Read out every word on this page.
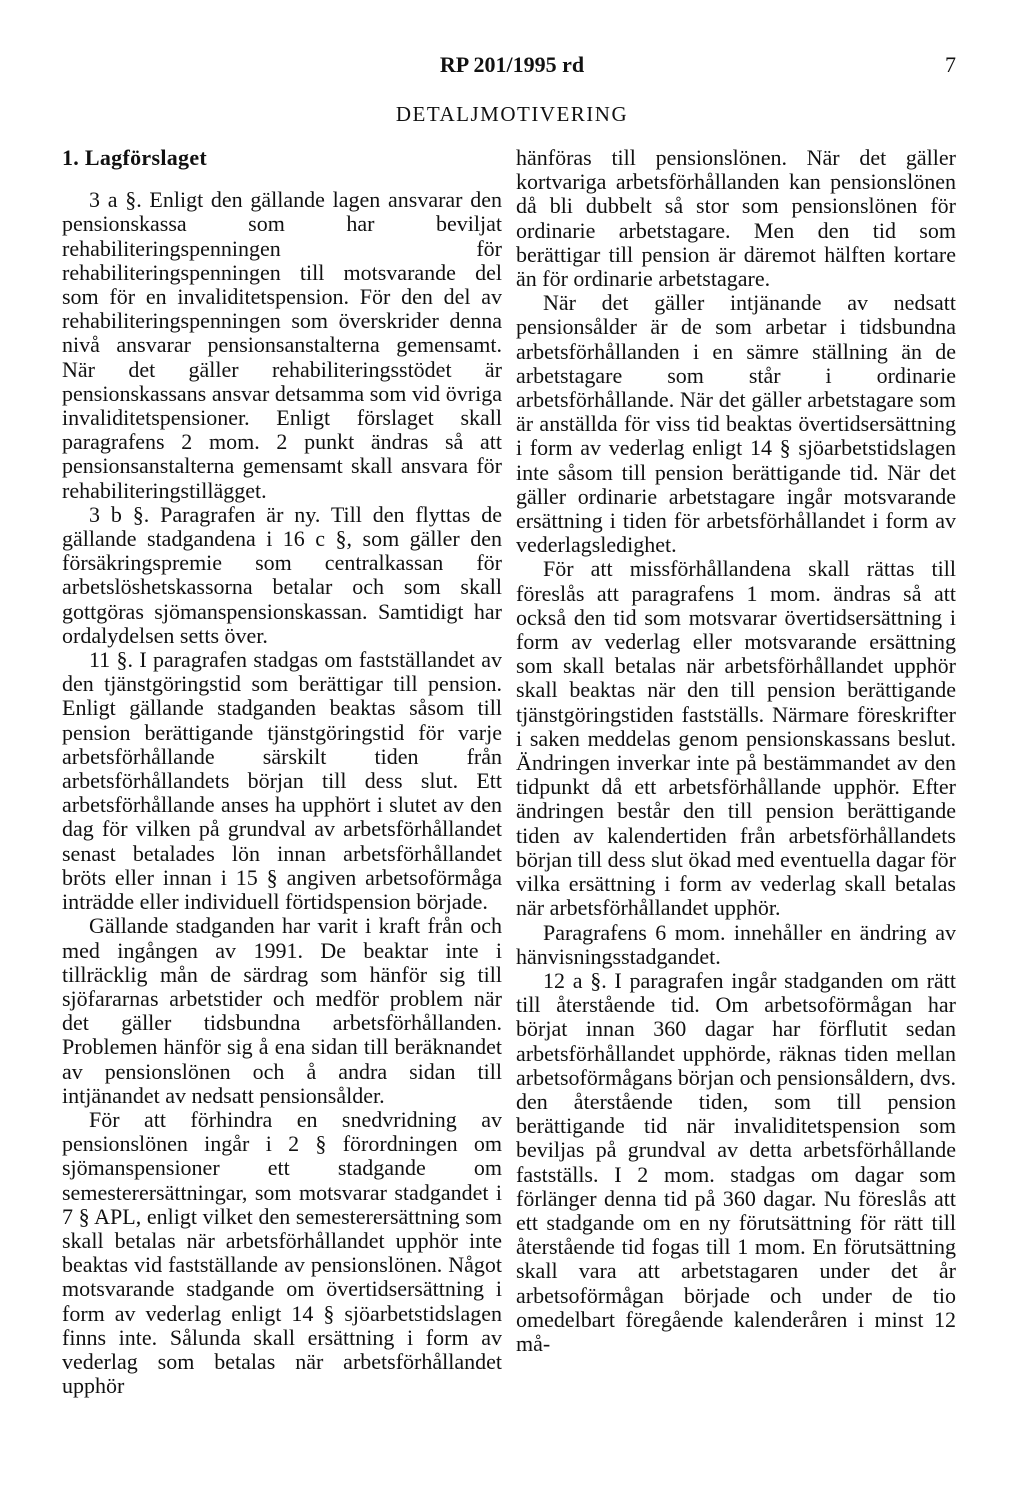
RP 201/1995 rd	7
DETALJMOTIVERING
1. Lagförslaget

3 a §. Enligt den gällande lagen ansvarar den pensionskassa som har beviljat rehabiliteringspenningen för rehabiliteringspenningen till motsvarande del som för en invaliditetspension. För den del av rehabiliteringspenningen som överskrider denna nivå ansvarar pensionsanstalterna gemensamt. När det gäller rehabiliteringsstödet är pensionskassans ansvar detsamma som vid övriga invaliditetspensioner. Enligt förslaget skall paragrafens 2 mom. 2 punkt ändras så att pensionsanstalterna gemensamt skall ansvara för rehabiliteringstillägget.

3 b §. Paragrafen är ny. Till den flyttas de gällande stadgandena i 16 c §, som gäller den försäkringspremie som centralkassan för arbetslöshetskassorna betalar och som skall gottgöras sjömanspensionskassan. Samtidigt har ordalydelsen setts över.

11 §. I paragrafen stadgas om fastställandet av den tjänstgöringstid som berättigar till pension. Enligt gällande stadganden beaktas såsom till pension berättigande tjänstgöringstid för varje arbetsförhållande särskilt tiden från arbetsförhållandets början till dess slut. Ett arbetsförhållande anses ha upphört i slutet av den dag för vilken på grundval av arbetsförhållandet senast betalades lön innan arbetsförhållandet bröts eller innan i 15 § angiven arbetsoförmåga inträdde eller individuell förtidspension började.

Gällande stadganden har varit i kraft från och med ingången av 1991. De beaktar inte i tillräcklig mån de särdrag som hänför sig till sjöfararnas arbetstider och medför problem när det gäller tidsbundna arbetsförhållanden. Problemen hänför sig å ena sidan till beräknandet av pensionslönen och å andra sidan till intjänandet av nedsatt pensionsålder.

För att förhindra en snedvridning av pensionslönen ingår i 2 § förordningen om sjömanspensioner ett stadgande om semesterersättningar, som motsvarar stadgandet i 7 § APL, enligt vilket den semesterersättning som skall betalas när arbetsförhållandet upphör inte beaktas vid fastställande av pensionslönen. Något motsvarande stadgande om övertidsersättning i form av vederlag enligt 14 § sjöarbetstidslagen finns inte. Sålunda skall ersättning i form av vederlag som betalas när arbetsförhållandet upphör

hänföras till pensionslönen. När det gäller kortvariga arbetsförhållanden kan pensionslönen då bli dubbelt så stor som pensionslönen för ordinarie arbetstagare. Men den tid som berättigar till pension är däremot hälften kortare än för ordinarie arbetstagare.

När det gäller intjänande av nedsatt pensionsålder är de som arbetar i tidsbundna arbetsförhållanden i en sämre ställning än de arbetstagare som står i ordinarie arbetsförhållande. När det gäller arbetstagare som är anställda för viss tid beaktas övertidsersättning i form av vederlag enligt 14 § sjöarbetstidslagen inte såsom till pension berättigande tid. När det gäller ordinarie arbetstagare ingår motsvarande ersättning i tiden för arbetsförhållandet i form av vederlagsledighet.

För att missförhållandena skall rättas till föreslås att paragrafens 1 mom. ändras så att också den tid som motsvarar övertidsersättning i form av vederlag eller motsvarande ersättning som skall betalas när arbetsförhållandet upphör skall beaktas när den till pension berättigande tjänstgöringstiden fastställs. Närmare föreskrifter i saken meddelas genom pensionskassans beslut. Ändringen inverkar inte på bestämmandet av den tidpunkt då ett arbetsförhållande upphör. Efter ändringen består den till pension berättigande tiden av kalendertiden från arbetsförhållandets början till dess slut ökad med eventuella dagar för vilka ersättning i form av vederlag skall betalas när arbetsförhållandet upphör.

Paragrafens 6 mom. innehåller en ändring av hänvisningsstadgandet.

12 a §. I paragrafen ingår stadganden om rätt till återstående tid. Om arbetsoförmågan har börjat innan 360 dagar har förflutit sedan arbetsförhållandet upphörde, räknas tiden mellan arbetsoförmågans början och pensionsåldern, dvs. den återstående tiden, som till pension berättigande tid när invaliditetspension som beviljas på grundval av detta arbetsförhållande fastställs. I 2 mom. stadgas om dagar som förlänger denna tid på 360 dagar. Nu föreslås att ett stadgande om en ny förutsättning för rätt till återstående tid fogas till 1 mom. En förutsättning skall vara att arbetstagaren under det år arbetsoförmågan började och under de tio omedelbart föregående kalenderåren i minst 12 må-
